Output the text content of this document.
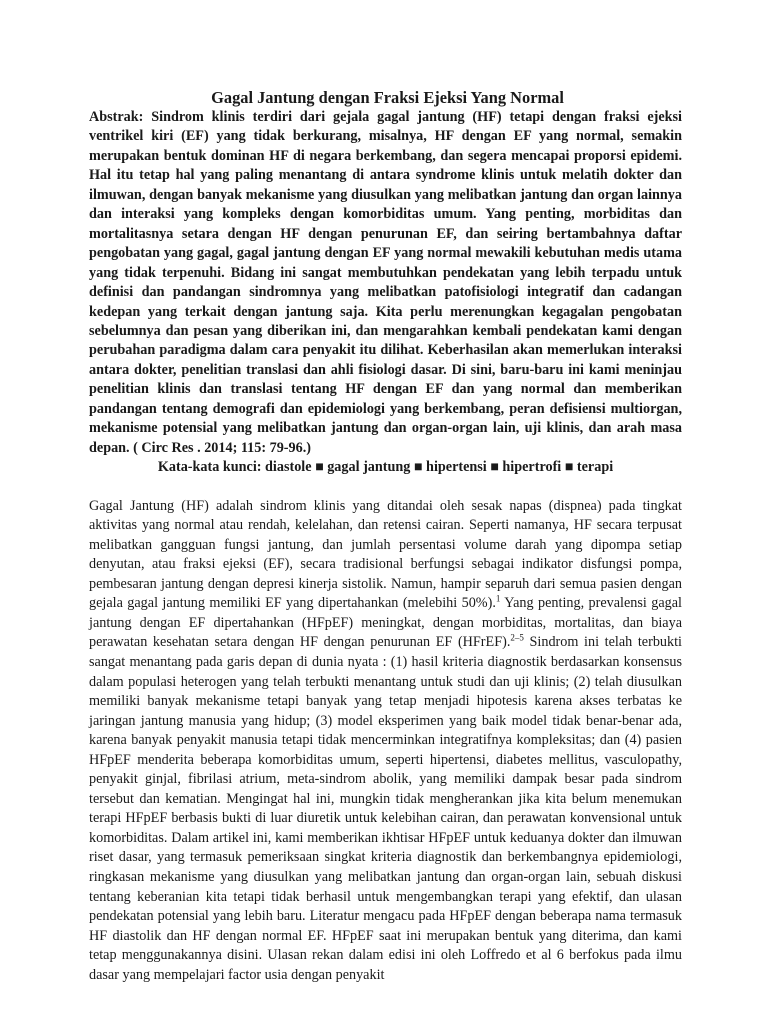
Gagal Jantung dengan Fraksi Ejeksi Yang Normal

Abstrak: Sindrom klinis terdiri dari gejala gagal jantung (HF) tetapi dengan fraksi ejeksi ventrikel kiri (EF) yang tidak berkurang, misalnya, HF dengan EF yang normal, semakin merupakan bentuk dominan HF di negara berkembang, dan segera mencapai proporsi epidemi. Hal itu tetap hal yang paling menantang di antara syndrome klinis untuk melatih dokter dan ilmuwan, dengan banyak mekanisme yang diusulkan yang melibatkan jantung dan organ lainnya dan interaksi yang kompleks dengan komorbiditas umum. Yang penting, morbiditas dan mortalitasnya setara dengan HF dengan penurunan EF, dan seiring bertambahnya daftar pengobatan yang gagal, gagal jantung dengan EF yang normal mewakili kebutuhan medis utama yang tidak terpenuhi. Bidang ini sangat membutuhkan pendekatan yang lebih terpadu untuk definisi dan pandangan sindromnya yang melibatkan patofisiologi integratif dan cadangan kedepan yang terkait dengan jantung saja. Kita perlu merenungkan kegagalan pengobatan sebelumnya dan pesan yang diberikan ini, dan mengarahkan kembali pendekatan kami dengan perubahan paradigma dalam cara penyakit itu dilihat. Keberhasilan akan memerlukan interaksi antara dokter, penelitian translasi dan ahli fisiologi dasar. Di sini, baru-baru ini kami meninjau penelitian klinis dan translasi tentang HF dengan EF dan yang normal dan memberikan pandangan tentang demografi dan epidemiologi yang berkembang, peran defisiensi multiorgan, mekanisme potensial yang melibatkan jantung dan organ-organ lain, uji klinis, dan arah masa depan. ( Circ Res . 2014; 115: 79-96.)

Kata-kata kunci: diastole ■ gagal jantung ■ hipertensi ■ hipertrofi ■ terapi

Gagal Jantung (HF) adalah sindrom klinis yang ditandai oleh sesak napas (dispnea) pada tingkat aktivitas yang normal atau rendah, kelelahan, dan retensi cairan. Seperti namanya, HF secara terpusat melibatkan gangguan fungsi jantung, dan jumlah persentasi volume darah yang dipompa setiap denyutan, atau fraksi ejeksi (EF), secara tradisional berfungsi sebagai indikator disfungsi pompa, pembesaran jantung dengan depresi kinerja sistolik. Namun, hampir separuh dari semua pasien dengan gejala gagal jantung memiliki EF yang dipertahankan (melebihi 50%).$^1$ Yang penting, prevalensi gagal jantung dengan EF dipertahankan (HFpEF) meningkat, dengan morbiditas, mortalitas, dan biaya perawatan kesehatan setara dengan HF dengan penurunan EF (HFrEF).$^{2-5}$ Sindrom ini telah terbukti sangat menantang pada garis depan di dunia nyata : (1) hasil kriteria diagnostik berdasarkan konsensus dalam populasi heterogen yang telah terbukti menantang untuk studi dan uji klinis; (2) telah diusulkan memiliki banyak mekanisme tetapi banyak yang tetap menjadi hipotesis karena akses terbatas ke jaringan jantung manusia yang hidup; (3) model eksperimen yang baik model tidak benar-benar ada, karena banyak penyakit manusia tetapi tidak mencerminkan integratifnya kompleksitas; dan (4) pasien HFpEF menderita beberapa komorbiditas umum, seperti hipertensi, diabetes mellitus, vasculopathy, penyakit ginjal, fibrilasi atrium, meta-sindrom abolik, yang memiliki dampak besar pada sindrom tersebut dan kematian. Mengingat hal ini, mungkin tidak mengherankan jika kita belum menemukan terapi HFpEF berbasis bukti di luar diuretik untuk kelebihan cairan, dan perawatan konvensional untuk komorbiditas. Dalam artikel ini, kami memberikan ikhtisar HFpEF untuk keduanya dokter dan ilmuwan riset dasar, yang termasuk pemeriksaan singkat kriteria diagnostik dan berkembangnya epidemiologi, ringkasan mekanisme yang diusulkan yang melibatkan jantung dan organ-organ lain, sebuah diskusi tentang keberanian kita tetapi tidak berhasil untuk mengembangkan terapi yang efektif, dan ulasan pendekatan potensial yang lebih baru. Literatur mengacu pada HFpEF dengan beberapa nama termasuk HF diastolik dan HF dengan normal EF. HFpEF saat ini merupakan bentuk yang diterima, dan kami tetap menggunakannya disini. Ulasan rekan dalam edisi ini oleh Loffredo et al 6 berfokus pada ilmu dasar yang mempelajari factor usia dengan penyakit
